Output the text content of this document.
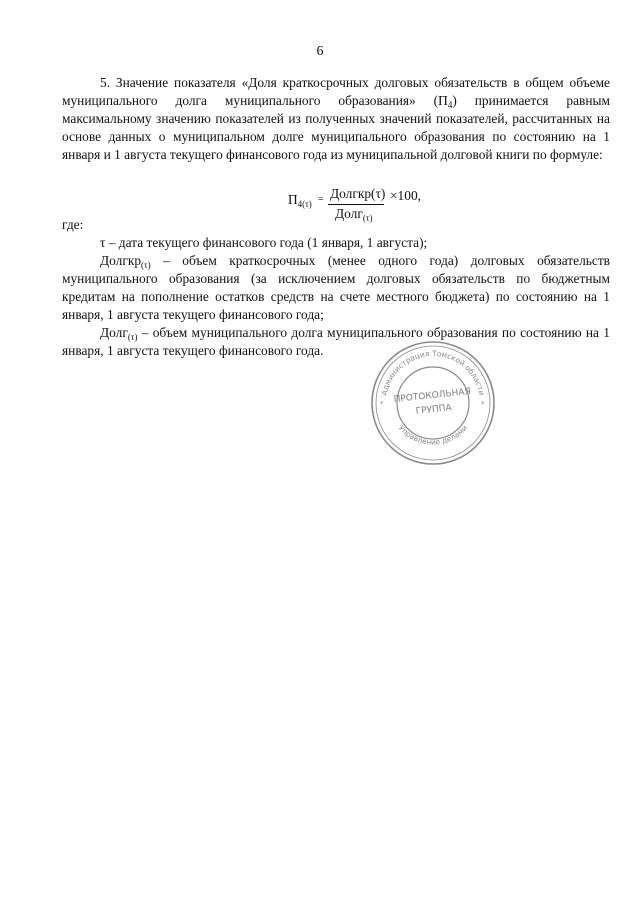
6

5. Значение показателя «Доля краткосрочных долговых обязательств в общем объеме муниципального долга муниципального образования» $(П_4)$ принимается равным максимальному значению показателей из полученных значений показателей, рассчитанных на основе данных о муниципальном долге муниципального образования по состоянию на 1 января и 1 августа текущего финансового года из муниципальной долговой книги по формуле:

$П_{4(\tau)}$ = Долгкр(τ)
Долг$_{(\tau)}$
×100,

где:

τ – дата текущего финансового года (1 января, 1 августа);

Долгкр$_{(\tau)}$ – объем краткосрочных (менее одного года) долговых обязательств муниципального образования (за исключением долговых обязательств по бюджетным кредитам на пополнение остатков средств на счете местного бюджета) по состоянию на 1 января, 1 августа текущего финансового года;

Долг$_{(\tau)}$ – объем муниципального долга муниципального образования по состоянию на 1 января, 1 августа текущего финансового года.

Администрация Томской области
Управление делами
*	*
ПРОТОКОЛЬНАЯ
ГРУППА
